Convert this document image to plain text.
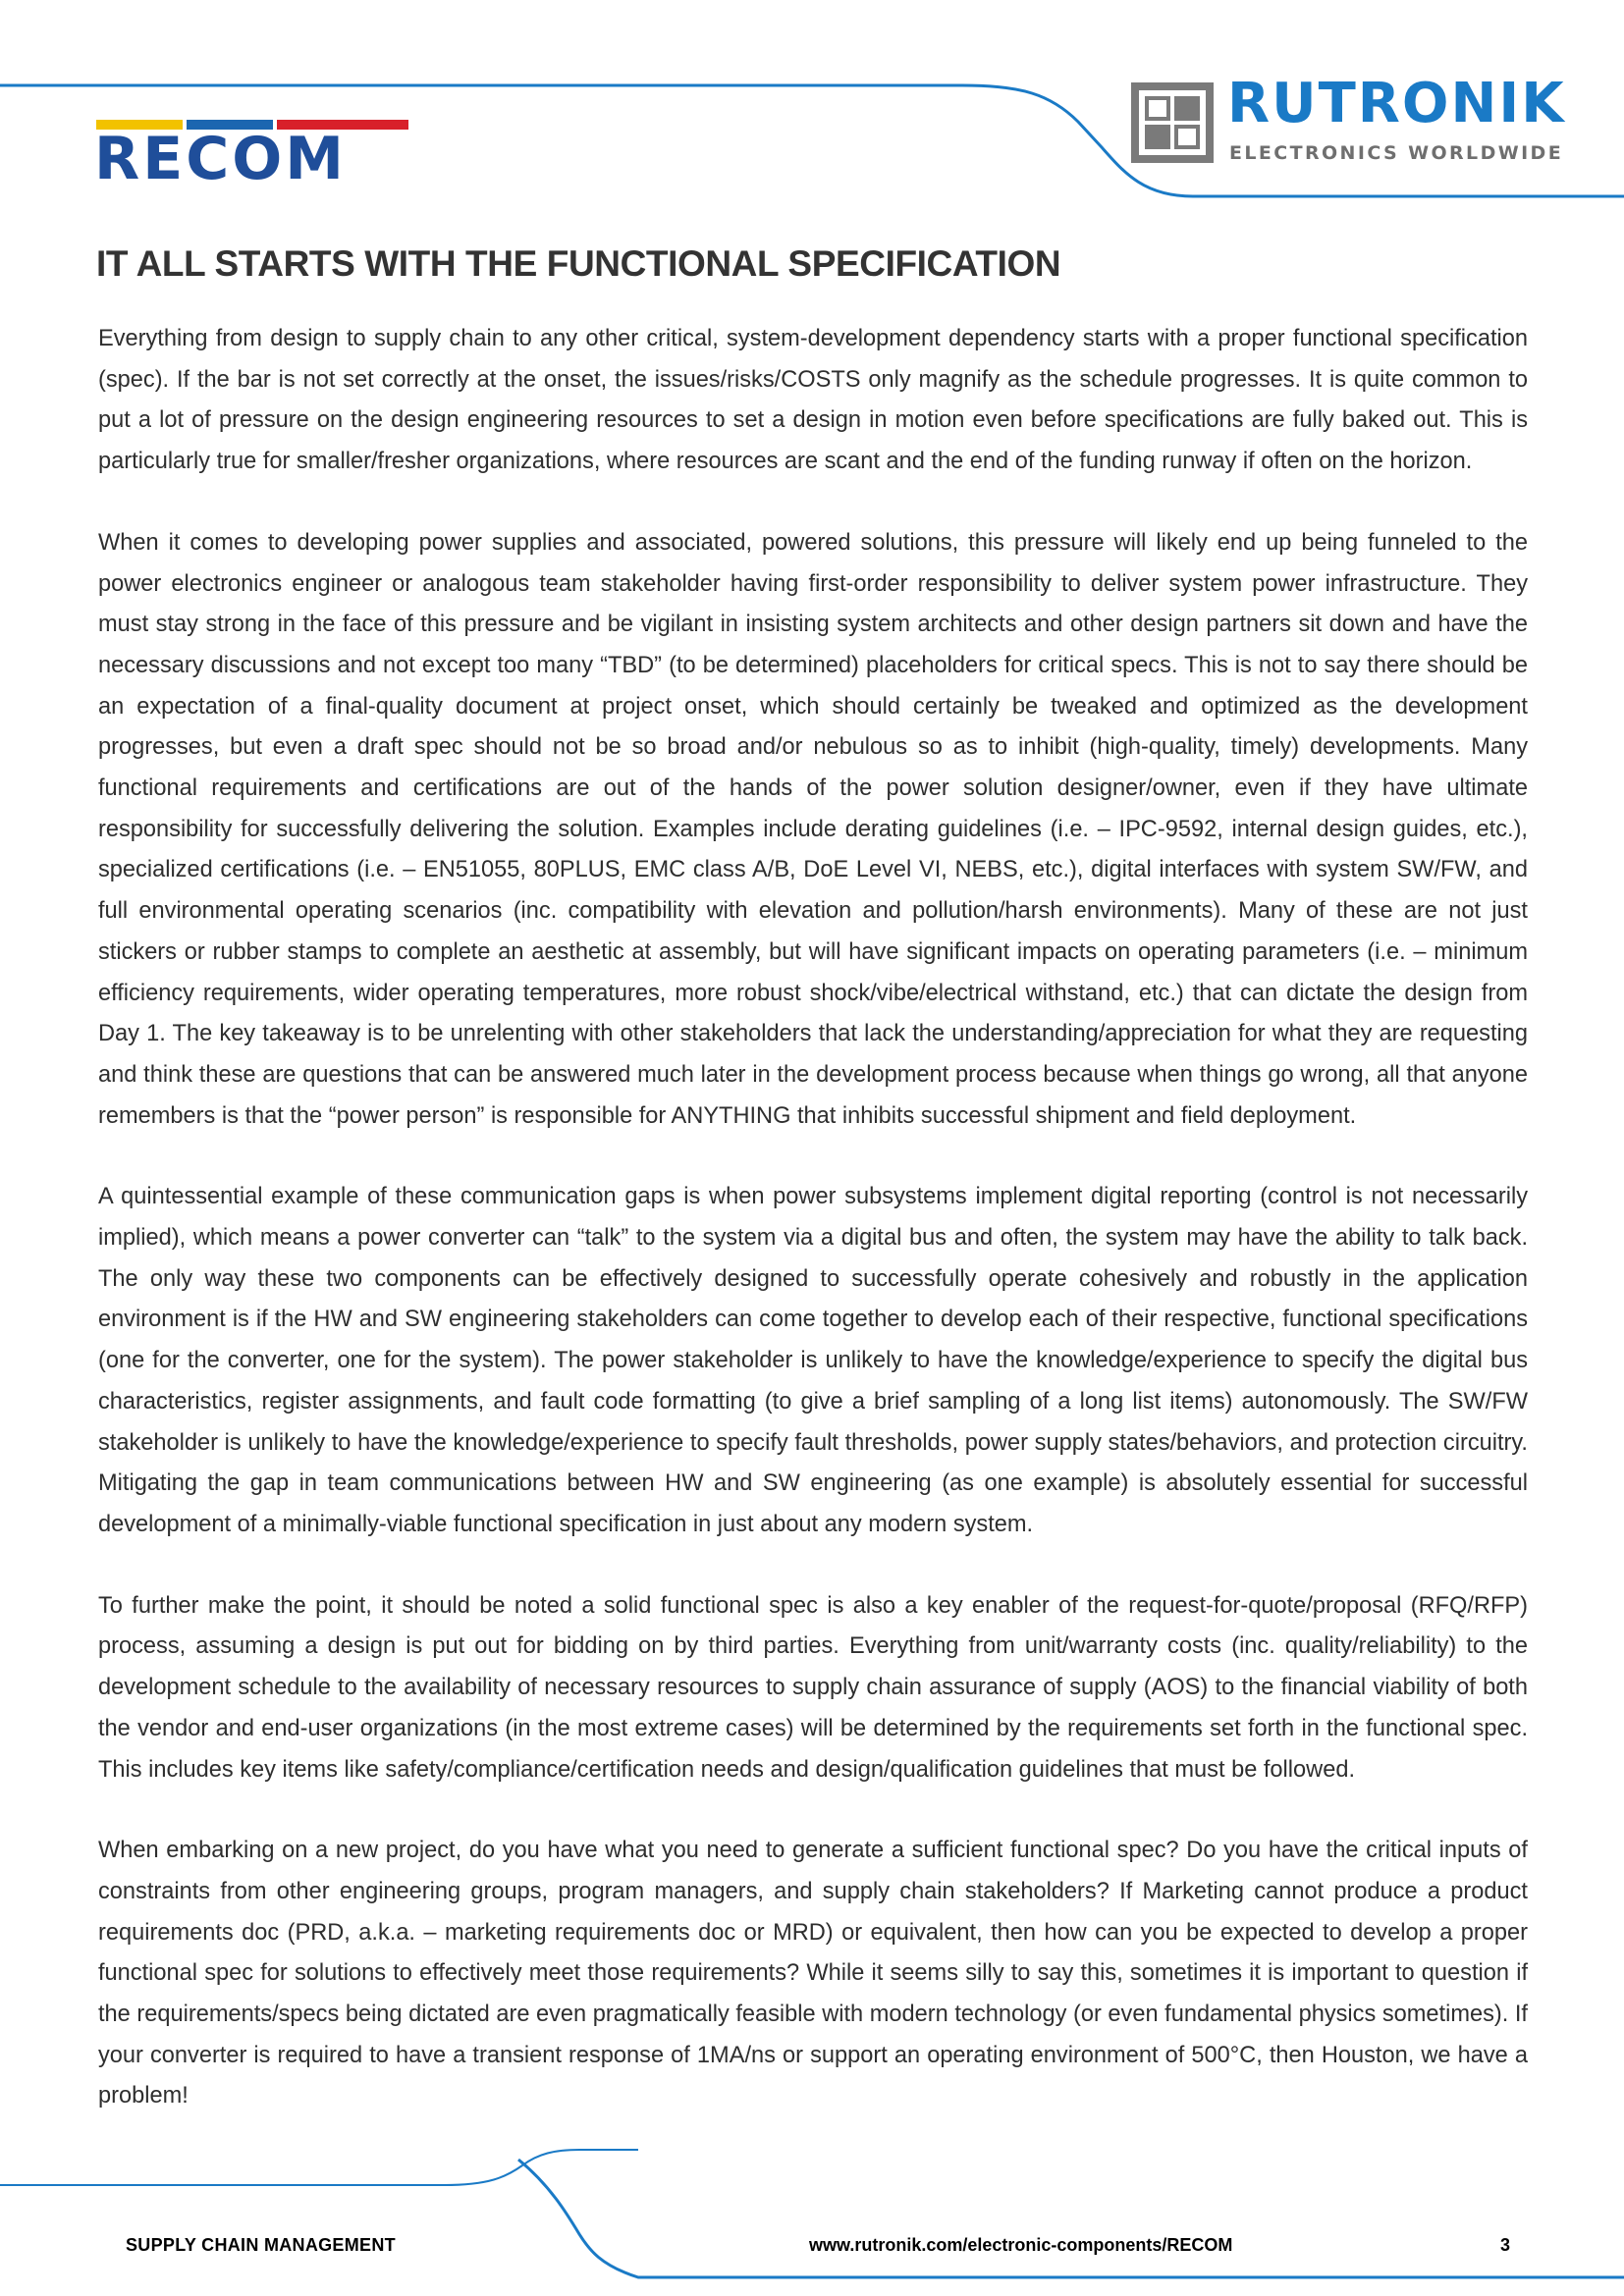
RECOM
RUTRONIK
ELECTRONICS WORLDWIDE
IT ALL STARTS WITH THE FUNCTIONAL SPECIFICATION

Everything from design to supply chain to any other critical, system-development dependency starts with a proper functional specification (spec). If the bar is not set correctly at the onset, the issues/risks/COSTS only magnify as the schedule progresses. It is quite common to put a lot of pressure on the design engineering resources to set a design in motion even before specifications are fully baked out. This is particularly true for smaller/fresher organizations, where resources are scant and the end of the funding runway if often on the horizon.

When it comes to developing power supplies and associated, powered solutions, this pressure will likely end up being funneled to the power electronics engineer or analogous team stakeholder having first-order responsibility to deliver system power infrastructure. They must stay strong in the face of this pressure and be vigilant in insisting system architects and other design partners sit down and have the necessary discussions and not except too many “TBD” (to be determined) placeholders for critical specs. This is not to say there should be an expectation of a final-quality document at project onset, which should certainly be tweaked and optimized as the development progresses, but even a draft spec should not be so broad and/or nebulous so as to inhibit (high-quality, timely) developments. Many functional requirements and certifications are out of the hands of the power solution designer/owner, even if they have ultimate responsibility for successfully delivering the solution. Examples include derating guidelines (i.e. – IPC-9592, internal design guides, etc.), specialized certifications (i.e. – EN51055, 80PLUS, EMC class A/B, DoE Level VI, NEBS, etc.), digital interfaces with system SW/FW, and full environmental operating scenarios (inc. compatibility with elevation and pollution/harsh environments). Many of these are not just stickers or rubber stamps to complete an aesthetic at assembly, but will have significant impacts on operating parameters (i.e. – minimum efficiency requirements, wider operating temperatures, more robust shock/vibe/electrical withstand, etc.) that can dictate the design from Day 1. The key takeaway is to be unrelenting with other stakeholders that lack the understanding/appreciation for what they are requesting and think these are questions that can be answered much later in the development process because when things go wrong, all that anyone remembers is that the “power person” is responsible for ANYTHING that inhibits successful shipment and field deployment.

A quintessential example of these communication gaps is when power subsystems implement digital reporting (control is not necessarily implied), which means a power converter can “talk” to the system via a digital bus and often, the system may have the ability to talk back. The only way these two components can be effectively designed to successfully operate cohesively and robustly in the application environment is if the HW and SW engineering stakeholders can come together to develop each of their respective, functional specifications (one for the converter, one for the system). The power stakeholder is unlikely to have the knowledge/experience to specify the digital bus characteristics, register assignments, and fault code formatting (to give a brief sampling of a long list items) autonomously. The SW/FW stakeholder is unlikely to have the knowledge/experience to specify fault thresholds, power supply states/behaviors, and protection circuitry. Mitigating the gap in team communications between HW and SW engineering (as one example) is absolutely essential for successful development of a minimally-viable functional specification in just about any modern system.

To further make the point, it should be noted a solid functional spec is also a key enabler of the request-for-quote/proposal (RFQ/RFP) process, assuming a design is put out for bidding on by third parties. Everything from unit/warranty costs (inc. quality/reliability) to the development schedule to the availability of necessary resources to supply chain assurance of supply (AOS) to the financial viability of both the vendor and end-user organizations (in the most extreme cases) will be determined by the requirements set forth in the functional spec. This includes key items like safety/compliance/certification needs and design/qualification guidelines that must be followed.

When embarking on a new project, do you have what you need to generate a sufficient functional spec? Do you have the critical inputs of constraints from other engineering groups, program managers, and supply chain stakeholders? If Marketing cannot produce a product requirements doc (PRD, a.k.a. – marketing requirements doc or MRD) or equivalent, then how can you be expected to develop a proper functional spec for solutions to effectively meet those requirements? While it seems silly to say this, sometimes it is important to question if the requirements/specs being dictated are even pragmatically feasible with modern technology (or even fundamental physics sometimes). If your converter is required to have a transient response of 1MA/ns or support an operating environment of 500°C, then Houston, we have a problem!

SUPPLY CHAIN MANAGEMENT	www.rutronik.com/electronic-components/RECOM	3
